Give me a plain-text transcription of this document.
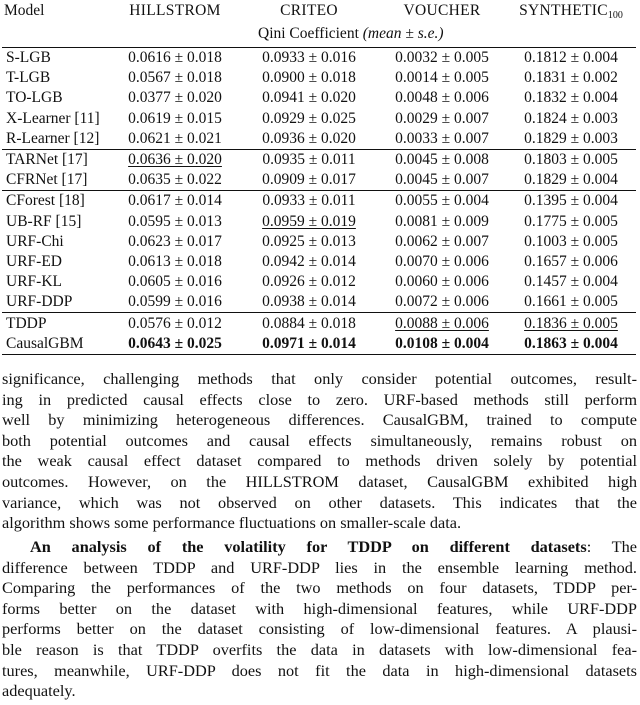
Model	HILLSTROM	CRITEO	VOUCHER	SYNTHETIC100
		Qini Coefficient (mean ± s.e.)		
S-LGB	0.0616 ± 0.018	0.0933 ± 0.016	0.0032 ± 0.005	0.1812 ± 0.004
T-LGB	0.0567 ± 0.018	0.0900 ± 0.018	0.0014 ± 0.005	0.1831 ± 0.002
TO-LGB	0.0377 ± 0.020	0.0941 ± 0.020	0.0048 ± 0.006	0.1832 ± 0.004
X-Learner [11]	0.0619 ± 0.015	0.0929 ± 0.025	0.0029 ± 0.007	0.1824 ± 0.003
R-Learner [12]	0.0621 ± 0.021	0.0936 ± 0.020	0.0033 ± 0.007	0.1829 ± 0.003
TARNet [17]	0.0636 ± 0.020	0.0935 ± 0.011	0.0045 ± 0.008	0.1803 ± 0.005
CFRNet [17]	0.0635 ± 0.022	0.0909 ± 0.017	0.0045 ± 0.007	0.1829 ± 0.004
CForest [18]	0.0617 ± 0.014	0.0933 ± 0.011	0.0055 ± 0.004	0.1395 ± 0.004
UB-RF [15]	0.0595 ± 0.013	0.0959 ± 0.019	0.0081 ± 0.009	0.1775 ± 0.005
URF-Chi	0.0623 ± 0.017	0.0925 ± 0.013	0.0062 ± 0.007	0.1003 ± 0.005
URF-ED	0.0613 ± 0.018	0.0942 ± 0.014	0.0070 ± 0.006	0.1657 ± 0.006
URF-KL	0.0605 ± 0.016	0.0926 ± 0.012	0.0060 ± 0.006	0.1457 ± 0.004
URF-DDP	0.0599 ± 0.016	0.0938 ± 0.014	0.0072 ± 0.006	0.1661 ± 0.005
TDDP	0.0576 ± 0.012	0.0884 ± 0.018	0.0088 ± 0.006	0.1836 ± 0.005
CausalGBM	0.0643 ± 0.025	0.0971 ± 0.014	0.0108 ± 0.004	0.1863 ± 0.004
significance, challenging methods that only consider potential outcomes, result-
ing in predicted causal effects close to zero. URF-based methods still perform
well by minimizing heterogeneous differences. CausalGBM, trained to compute
both potential outcomes and causal effects simultaneously, remains robust on
the weak causal effect dataset compared to methods driven solely by potential
outcomes. However, on the HILLSTROM dataset, CausalGBM exhibited high
variance, which was not observed on other datasets. This indicates that the
algorithm shows some performance fluctuations on smaller-scale data.
An analysis of the volatility for TDDP on different datasets: The
difference between TDDP and URF-DDP lies in the ensemble learning method.
Comparing the performances of the two methods on four datasets, TDDP per-
forms better on the dataset with high-dimensional features, while URF-DDP
performs better on the dataset consisting of low-dimensional features. A plausi-
ble reason is that TDDP overfits the data in datasets with low-dimensional fea-
tures, meanwhile, URF-DDP does not fit the data in high-dimensional datasets
adequately.
